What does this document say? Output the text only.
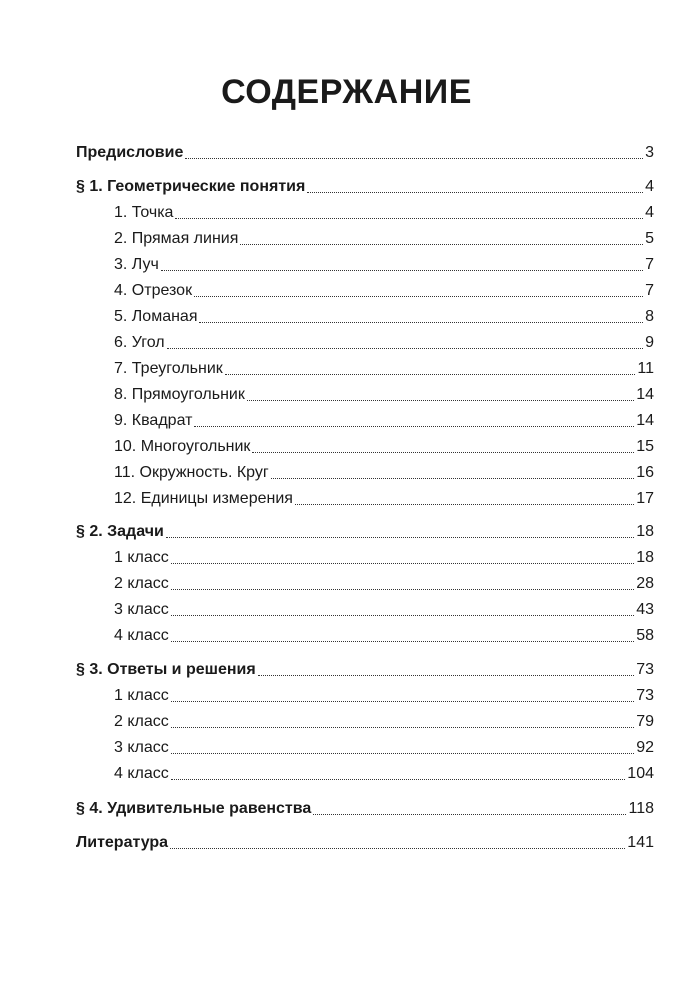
СОДЕРЖАНИЕ
Предисловие	3
§ 1. Геометрические понятия	4
1. Точка	4
2. Прямая линия	5
3. Луч	7
4. Отрезок	7
5. Ломаная	8
6. Угол	9
7. Треугольник	11
8. Прямоугольник	14
9. Квадрат	14
10. Многоугольник	15
11. Окружность. Круг	16
12. Единицы измерения	17
§ 2. Задачи	18
1 класс	18
2 класс	28
3 класс	43
4 класс	58
§ 3. Ответы и решения	73
1 класс	73
2 класс	79
3 класс	92
4 класс	104
§ 4. Удивительные равенства	118
Литература	141
